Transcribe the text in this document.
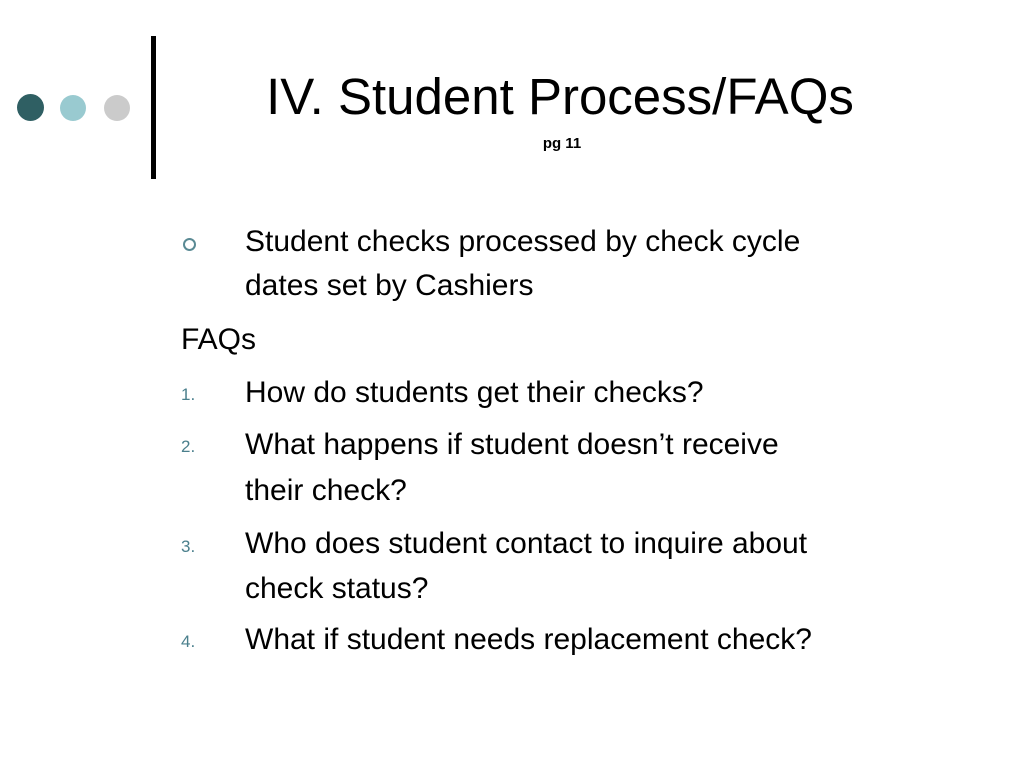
IV. Student Process/FAQs
pg 11
Student checks processed by check cycle
dates set by Cashiers
FAQs
1. How do students get their checks?
2. What happens if student doesn’t receive
their check?
3. Who does student contact to inquire about
check status?
4. What if student needs replacement check?
